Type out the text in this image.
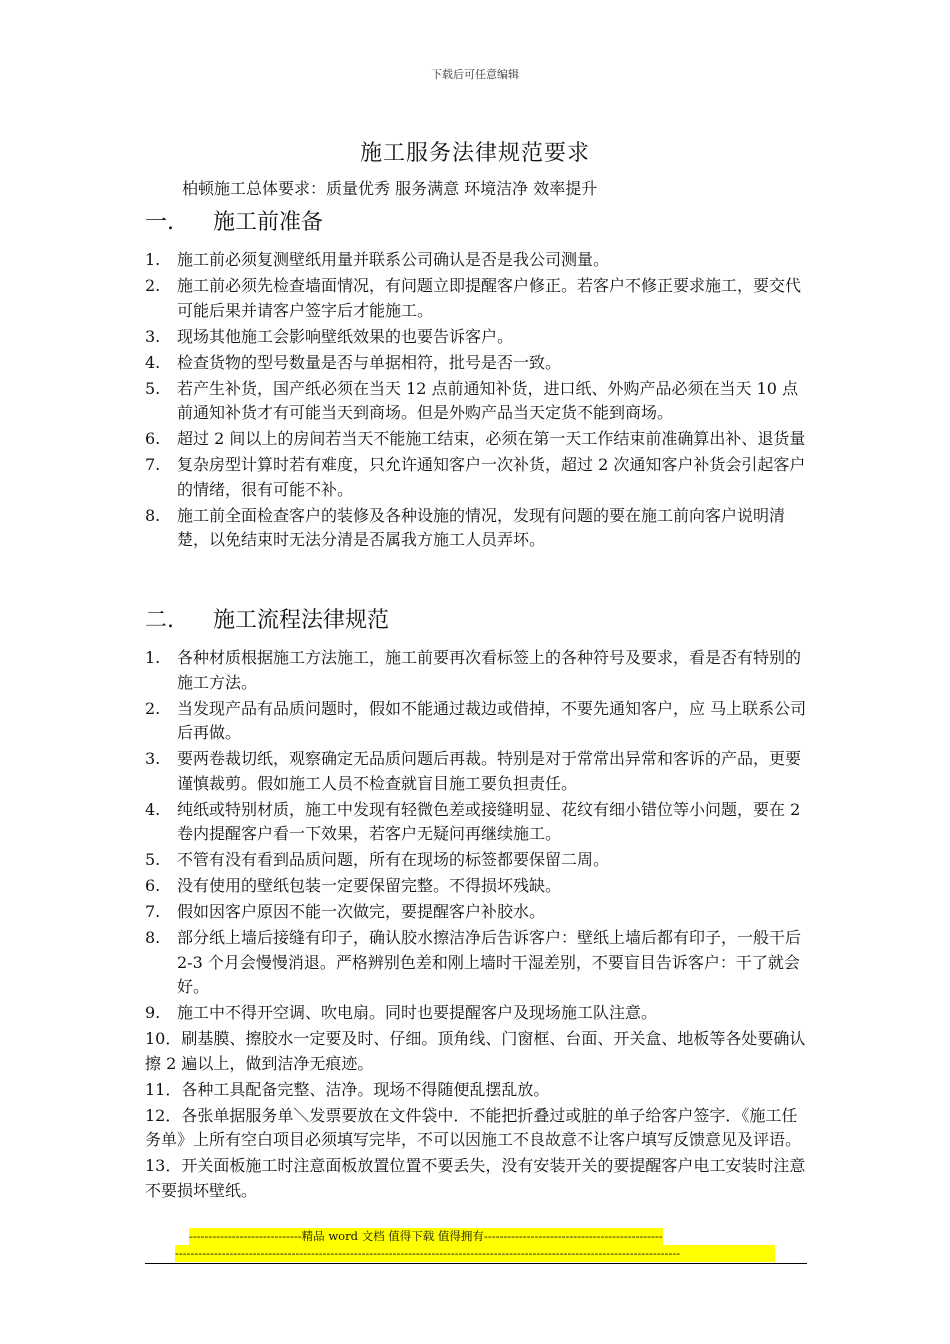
下载后可任意编辑
施工服务法律规范要求
柏顿施工总体要求：质量优秀 服务满意 环境洁净 效率提升
一.	施工前准备
1.	施工前必须复测壁纸用量并联系公司确认是否是我公司测量。
2.	施工前必须先检查墙面情况，有问题立即提醒客户修正。若客户不修正要求施工，要交代可能后果并请客户签字后才能施工。
3.	现场其他施工会影响壁纸效果的也要告诉客户。
4.	检查货物的型号数量是否与单据相符，批号是否一致。
5.	若产生补货，国产纸必须在当天 12 点前通知补货，进口纸、外购产品必须在当天 10 点前通知补货才有可能当天到商场。但是外购产品当天定货不能到商场。
6.	超过 2 间以上的房间若当天不能施工结束，必须在第一天工作结束前准确算出补、退货量
7.	复杂房型计算时若有难度，只允许通知客户一次补货，超过 2 次通知客户补货会引起客户的情绪，很有可能不补。
8.	施工前全面检查客户的装修及各种设施的情况，发现有问题的要在施工前向客户说明清楚，以免结束时无法分清是否属我方施工人员弄坏。
二.	施工流程法律规范
1.	各种材质根据施工方法施工，施工前要再次看标签上的各种符号及要求，看是否有特别的施工方法。
2.	当发现产品有品质问题时，假如不能通过裁边或借掉，不要先通知客户，应 马上联系公司后再做。
3.	要两卷裁切纸，观察确定无品质问题后再裁。特别是对于常常出异常和客诉的产品，更要谨慎裁剪。假如施工人员不检查就盲目施工要负担责任。
4.	纯纸或特别材质，施工中发现有轻微色差或接缝明显、花纹有细小错位等小问题，要在 2 卷内提醒客户看一下效果，若客户无疑问再继续施工。
5.	不管有没有看到品质问题，所有在现场的标签都要保留二周。
6.	没有使用的壁纸包装一定要保留完整。不得损坏残缺。
7.	假如因客户原因不能一次做完，要提醒客户补胶水。
8.	部分纸上墙后接缝有印子，确认胶水擦洁净后告诉客户：壁纸上墙后都有印子，一般干后 2-3 个月会慢慢消退。严格辨别色差和刚上墙时干湿差别，不要盲目告诉客户：干了就会好。
9.	施工中不得开空调、吹电扇。同时也要提醒客户及现场施工队注意。
10．刷基膜、擦胶水一定要及时、仔细。顶角线、门窗框、台面、开关盒、地板等各处要确认擦 2 遍以上，做到洁净无痕迹。
11．各种工具配备完整、洁净。现场不得随便乱摆乱放。
12．各张单据服务单＼发票要放在文件袋中．不能把折叠过或脏的单子给客户签字．《施工任务单》上所有空白项目必须填写完毕，不可以因施工不良故意不让客户填写反馈意见及评语。
13．开关面板施工时注意面板放置位置不要丢失，没有安装开关的要提醒客户电工安装时注意不要损坏壁纸。
-----------------------------精品 word 文档 值得下载 值得拥有----------------------------------------------
----------------------------------------------------------------------------------------------------------------------------------
